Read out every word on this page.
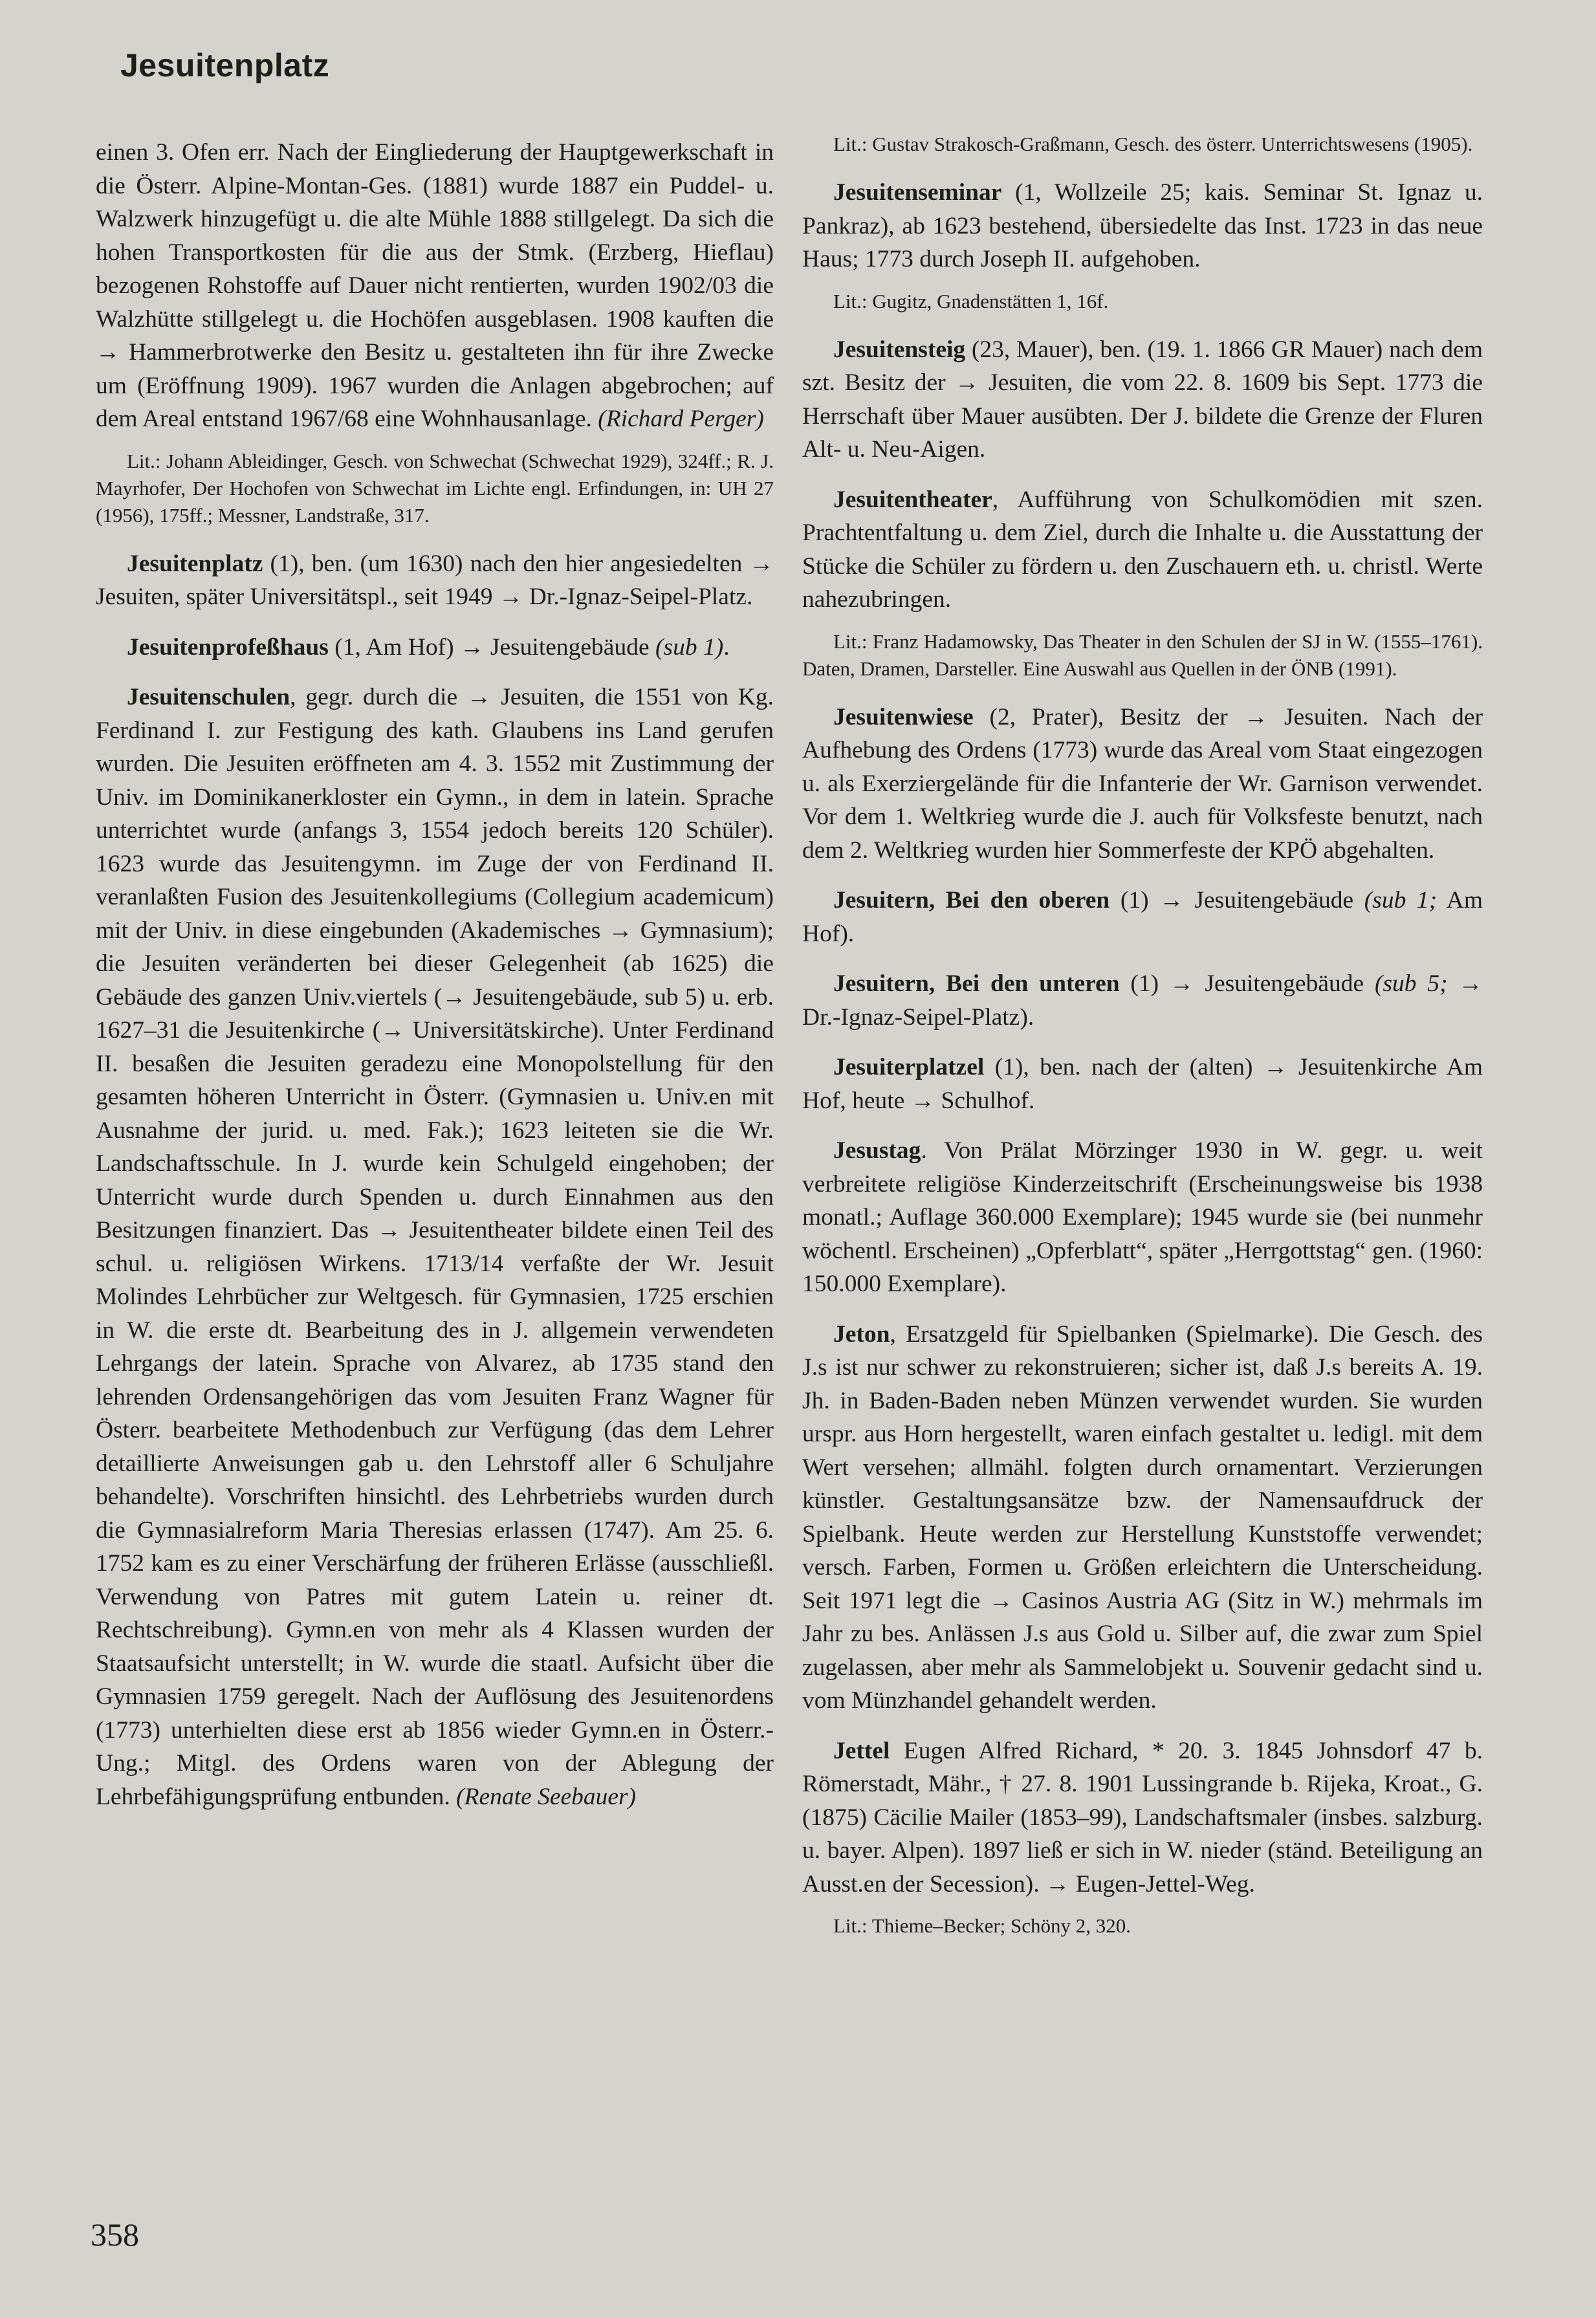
Jesuitenplatz

einen 3. Ofen err. Nach der Eingliederung der Hauptgewerkschaft in die Österr. Alpine-Montan-Ges. (1881) wurde 1887 ein Puddel- u. Walzwerk hinzugefügt u. die alte Mühle 1888 stillgelegt. Da sich die hohen Transportkosten für die aus der Stmk. (Erzberg, Hieflau) bezogenen Rohstoffe auf Dauer nicht rentierten, wurden 1902/03 die Walzhütte stillgelegt u. die Hochöfen ausgeblasen. 1908 kauften die → Hammerbrotwerke den Besitz u. gestalteten ihn für ihre Zwecke um (Eröffnung 1909). 1967 wurden die Anlagen abgebrochen; auf dem Areal entstand 1967/68 eine Wohnhausanlage. (Richard Perger)

Lit.: Johann Ableidinger, Gesch. von Schwechat (Schwechat 1929), 324ff.; R. J. Mayrhofer, Der Hochofen von Schwechat im Lichte engl. Erfindungen, in: UH 27 (1956), 175ff.; Messner, Landstraße, 317.

Jesuitenplatz (1), ben. (um 1630) nach den hier angesiedelten → Jesuiten, später Universitätspl., seit 1949 → Dr.-Ignaz-Seipel-Platz.

Jesuitenprofeßhaus (1, Am Hof) → Jesuitengebäude (sub 1).

Jesuitenschulen, gegr. durch die → Jesuiten, die 1551 von Kg. Ferdinand I. zur Festigung des kath. Glaubens ins Land gerufen wurden. Die Jesuiten eröffneten am 4. 3. 1552 mit Zustimmung der Univ. im Dominikanerkloster ein Gymn., in dem in latein. Sprache unterrichtet wurde (anfangs 3, 1554 jedoch bereits 120 Schüler). 1623 wurde das Jesuitengymn. im Zuge der von Ferdinand II. veranlaßten Fusion des Jesuitenkollegiums (Collegium academicum) mit der Univ. in diese eingebunden (Akademisches → Gymnasium); die Jesuiten veränderten bei dieser Gelegenheit (ab 1625) die Gebäude des ganzen Univ.viertels (→ Jesuitengebäude, sub 5) u. erb. 1627–31 die Jesuitenkirche (→ Universitätskirche). Unter Ferdinand II. besaßen die Jesuiten geradezu eine Monopolstellung für den gesamten höheren Unterricht in Österr. (Gymnasien u. Univ.en mit Ausnahme der jurid. u. med. Fak.); 1623 leiteten sie die Wr. Landschaftsschule. In J. wurde kein Schulgeld eingehoben; der Unterricht wurde durch Spenden u. durch Einnahmen aus den Besitzungen finanziert. Das → Jesuitentheater bildete einen Teil des schul. u. religiösen Wirkens. 1713/14 verfaßte der Wr. Jesuit Molindes Lehrbücher zur Weltgesch. für Gymnasien, 1725 erschien in W. die erste dt. Bearbeitung des in J. allgemein verwendeten Lehrgangs der latein. Sprache von Alvarez, ab 1735 stand den lehrenden Ordensangehörigen das vom Jesuiten Franz Wagner für Österr. bearbeitete Methodenbuch zur Verfügung (das dem Lehrer detaillierte Anweisungen gab u. den Lehrstoff aller 6 Schuljahre behandelte). Vorschriften hinsichtl. des Lehrbetriebs wurden durch die Gymnasialreform Maria Theresias erlassen (1747). Am 25. 6. 1752 kam es zu einer Verschärfung der früheren Erlässe (ausschließl. Verwendung von Patres mit gutem Latein u. reiner dt. Rechtschreibung). Gymn.en von mehr als 4 Klassen wurden der Staatsaufsicht unterstellt; in W. wurde die staatl. Aufsicht über die Gymnasien 1759 geregelt. Nach der Auflösung des Jesuitenordens (1773) unterhielten diese erst ab 1856 wieder Gymn.en in Österr.-Ung.; Mitgl. des Ordens waren von der Ablegung der Lehrbefähigungsprüfung entbunden. (Renate Seebauer)

Lit.: Gustav Strakosch-Graßmann, Gesch. des österr. Unterrichtswesens (1905).

Jesuitenseminar (1, Wollzeile 25; kais. Seminar St. Ignaz u. Pankraz), ab 1623 bestehend, übersiedelte das Inst. 1723 in das neue Haus; 1773 durch Joseph II. aufgehoben.

Lit.: Gugitz, Gnadenstätten 1, 16f.

Jesuitensteig (23, Mauer), ben. (19. 1. 1866 GR Mauer) nach dem szt. Besitz der → Jesuiten, die vom 22. 8. 1609 bis Sept. 1773 die Herrschaft über Mauer ausübten. Der J. bildete die Grenze der Fluren Alt- u. Neu-Aigen.

Jesuitentheater, Aufführung von Schulkomödien mit szen. Prachtentfaltung u. dem Ziel, durch die Inhalte u. die Ausstattung der Stücke die Schüler zu fördern u. den Zuschauern eth. u. christl. Werte nahezubringen.

Lit.: Franz Hadamowsky, Das Theater in den Schulen der SJ in W. (1555–1761). Daten, Dramen, Darsteller. Eine Auswahl aus Quellen in der ÖNB (1991).

Jesuitenwiese (2, Prater), Besitz der → Jesuiten. Nach der Aufhebung des Ordens (1773) wurde das Areal vom Staat eingezogen u. als Exerziergelände für die Infanterie der Wr. Garnison verwendet. Vor dem 1. Weltkrieg wurde die J. auch für Volksfeste benutzt, nach dem 2. Weltkrieg wurden hier Sommerfeste der KPÖ abgehalten.

Jesuitern, Bei den oberen (1) → Jesuitengebäude (sub 1; Am Hof).

Jesuitern, Bei den unteren (1) → Jesuitengebäude (sub 5; → Dr.-Ignaz-Seipel-Platz).

Jesuiterplatzel (1), ben. nach der (alten) → Jesuitenkirche Am Hof, heute → Schulhof.

Jesustag. Von Prälat Mörzinger 1930 in W. gegr. u. weit verbreitete religiöse Kinderzeitschrift (Erscheinungsweise bis 1938 monatl.; Auflage 360.000 Exemplare); 1945 wurde sie (bei nunmehr wöchentl. Erscheinen) „Opferblatt“, später „Herrgottstag“ gen. (1960: 150.000 Exemplare).

Jeton, Ersatzgeld für Spielbanken (Spielmarke). Die Gesch. des J.s ist nur schwer zu rekonstruieren; sicher ist, daß J.s bereits A. 19. Jh. in Baden-Baden neben Münzen verwendet wurden. Sie wurden urspr. aus Horn hergestellt, waren einfach gestaltet u. ledigl. mit dem Wert versehen; allmähl. folgten durch ornamentart. Verzierungen künstler. Gestaltungsansätze bzw. der Namensaufdruck der Spielbank. Heute werden zur Herstellung Kunststoffe verwendet; versch. Farben, Formen u. Größen erleichtern die Unterscheidung. Seit 1971 legt die → Casinos Austria AG (Sitz in W.) mehrmals im Jahr zu bes. Anlässen J.s aus Gold u. Silber auf, die zwar zum Spiel zugelassen, aber mehr als Sammelobjekt u. Souvenir gedacht sind u. vom Münzhandel gehandelt werden.

Jettel Eugen Alfred Richard, * 20. 3. 1845 Johnsdorf 47 b. Römerstadt, Mähr., † 27. 8. 1901 Lussingrande b. Rijeka, Kroat., G. (1875) Cäcilie Mailer (1853–99), Landschaftsmaler (insbes. salzburg. u. bayer. Alpen). 1897 ließ er sich in W. nieder (ständ. Beteiligung an Ausst.en der Secession). → Eugen-Jettel-Weg.

Lit.: Thieme–Becker; Schöny 2, 320.

358
